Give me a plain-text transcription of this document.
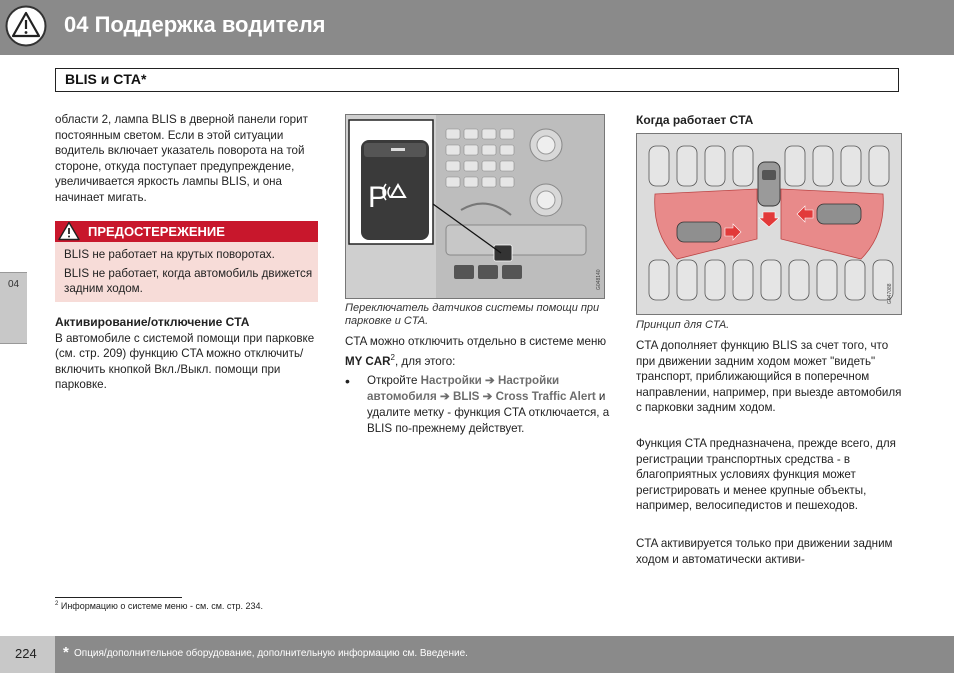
04 Поддержка водителя
BLIS и CTA*
04

области 2, лампа BLIS в дверной панели горит постоянным светом. Если в этой ситуации водитель включает указатель поворота на той стороне, откуда поступает предупреждение, увеличивается яркость лампы BLIS, и она начинает мигать.

ПРЕДОСТЕРЕЖЕНИЕ
BLIS не работает на крутых поворотах.
BLIS не работает, когда автомобиль движется задним ходом.
Активирование/отключение CTA

В автомобиле с системой помощи при парковке (см. стр. 209) функцию CTA можно отключить/включить кнопкой Вкл./Выкл. помощи при парковке.

P
G048140
Переключатель датчиков системы помощи при парковке и CTA.

CTA можно отключить отдельно в системе меню MY CAR$^2$, для этого:

• Откройте Настройки ➔ Настройки автомобиля ➔ BLIS ➔ Cross Traffic Alert и удалите метку - функция CTA отключается, а BLIS по-прежнему действует.

Когда работает CTA
G047088
Принцип для CTA.

CTA дополняет функцию BLIS за счет того, что при движении задним ходом может "видеть" транспорт, приближающийся в поперечном направлении, например, при выезде автомобиля с парковки задним ходом.

Функция CTA предназначена, прежде всего, для регистрации транспортных средства - в благоприятных условиях функция может регистрировать и менее крупные объекты, например, велосипедистов и пешеходов.

CTA активируется только при движении задним ходом и автоматически активи-

$^2$ Информацию о системе меню - см. см. стр. 234.
* Опция/дополнительное оборудование, дополнительную информацию см. Введение.
224
